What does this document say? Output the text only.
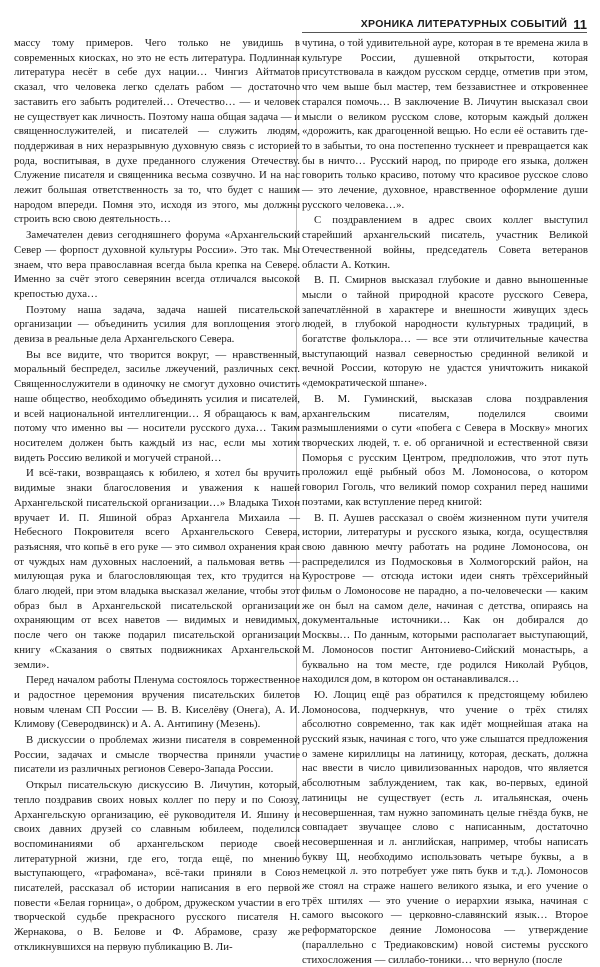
ХРОНИКА ЛИТЕРАТУРНЫХ СОБЫТИЙ 11

массу тому примеров. Чего только не увидишь в современных киосках, но это не есть литература. Подлинная литература несёт в себе дух нации… Чингиз Айтматов сказал, что человека легко сделать рабом — достаточно заставить его забыть родителей… Отечество… — и человек не существует как личность. Поэтому наша общая задача — и священнослужителей, и писателей — служить людям, поддерживая в них неразрывную духовную связь с историей рода, воспитывая, в духе преданного служения Отечеству. Служение писателя и священника весьма созвучно. И на нас лежит большая ответственность за то, что будет с нашим народом впереди. Помня это, исходя из этого, мы должны строить всю свою деятельность…

Замечателен девиз сегодняшнего форума «Архангельский Север — форпост духовной культуры России». Это так. Мы знаем, что вера православная всегда была крепка на Севере. Именно за счёт этого северянин всегда отличался высокой крепостью духа…

Поэтому наша задача, задача нашей писательской организации — объединить усилия для воплощения этого девиза в реальные дела Архангельского Севера.

Вы все видите, что творится вокруг, — нравственный, моральный беспредел, засилье лжеучений, различных сект. Священнослужители в одиночку не смогут духовно очистить наше общество, необходимо объединять усилия и писателей, и всей национальной интеллигенции… Я обращаюсь к вам, потому что именно вы — носители русского духа… Таким носителем должен быть каждый из нас, если мы хотим видеть Россию великой и могучей страной…

И всё-таки, возвращаясь к юбилею, я хотел бы вручить видимые знаки благословения и уважения к нашей Архангельской писательской организации…» Владыка Тихон вручает И. П. Яшиной образ Архангела Михаила — Небесного Покровителя всего Архангельского Севера, разъясняя, что копьё в его руке — это символ охранения края от чуждых нам духовных наслоений, а пальмовая ветвь — милующая рука и благословляющая тех, кто трудится на благо людей, при этом владыка высказал желание, чтобы этот образ был в Архангельской писательской организации охраняющим от всех наветов — видимых и невидимых, после чего он также подарил писательской организации книгу «Сказания о святых подвижниках Архангельской земли».

Перед началом работы Пленума состоялось торжественное и радостное церемония вручения писательских билетов новым членам СП России — В. В. Киселёву (Онега), А. И. Климову (Северодвинск) и А. А. Антипину (Мезень).

В дискуссии о проблемах жизни писателя в современной России, задачах и смысле творчества приняли участие писатели из различных регионов Северо-Запада России.

Открыл писательскую дискуссию В. Личутин, который, тепло поздравив своих новых коллег по перу и по Союзу, Архангельскую организацию, её руководителя И. Яшину и своих давних друзей со славным юбилеем, поделился воспоминаниями об архангельском периоде своей литературной жизни, где его, тогда ещё, по мнению выступающего, «графомана», всё-таки приняли в Союз писателей, рассказал об истории написания в его первой повести «Белая горница», о добром, дружеском участии в его творческой судьбе прекрасного русского писателя Н. Жернакова, о В. Белове и Ф. Абрамове, сразу же откликнувшихся на первую публикацию В. Ли-

чутина, о той удивительной ауре, которая в те времена жила в культуре России, душевной открытости, которая присутствовала в каждом русском сердце, отметив при этом, что чем выше был мастер, тем беззавистнее и откровеннее старался помочь… В заключение В. Личутин высказал свои мысли о великом русском слове, которым каждый должен «дорожить, как драгоценной вещью. Но если её оставить где-то в забытьи, то она постепенно тускнеет и превращается как бы в ничто… Русский народ, по природе его языка, должен говорить только красиво, потому что красивое русское слово — это лечение, духовное, нравственное оформление души русского человека…».

С поздравлением в адрес своих коллег выступил старейший архангельский писатель, участник Великой Отечественной войны, председатель Совета ветеранов области А. Коткин.

В. П. Смирнов высказал глубокие и давно выношенные мысли о тайной природной красоте русского Севера, запечатлённой в характере и внешности живущих здесь людей, в глубокой народности культурных традиций, в богатстве фольклора… — все эти отличительные качества выступающий назвал северностью срединной великой и вечной России, которую не удастся уничтожить никакой «демократической шпане».

В. М. Гуминский, высказав слова поздравления архангельским писателям, поделился своими размышлениями о сути «побега с Севера в Москву» многих творческих людей, т. е. об органичной и естественной связи Поморья с русским Центром, предположив, что этот путь проложил ещё рыбный обоз М. Ломоносова, о котором говорил Гоголь, что великий помор сохранил перед нашими поэтами, как вступление перед книгой:

В. П. Аушев рассказал о своём жизненном пути учителя истории, литературы и русского языка, когда, осуществляя свою давнюю мечту работать на родине Ломоносова, он распределился из Подмосковья в Холмогорский район, на Курострове — отсюда истоки идеи снять трёхсерийный фильм о Ломоносове не парадно, а по-человечески — каким же он был на самом деле, начиная с детства, опираясь на документальные источники… Как он добирался до Москвы… По данным, которыми располагает выступающий, М. Ломоносов постиг Антониево-Сийский монастырь, а буквально на том месте, где родился Николай Рубцов, находился дом, в котором он останавливался…

Ю. Лощиц ещё раз обратился к предстоящему юбилею Ломоносова, подчеркнув, что учение о трёх стилях абсолютно современно, так как идёт мощнейшая атака на русский язык, начиная с того, что уже слышатся предложения о замене кириллицы на латиницу, которая, дескать, должна нас ввести в число цивилизованных народов, что является абсолютным заблуждением, так как, во-первых, единой латиницы не существует (есть л. итальянская, очень несовершенная, там нужно запоминать целые гнёзда букв, не совпадает звучащее слово с написанным, достаточно несовершенная и л. английская, например, чтобы написать букву Щ, необходимо использовать четыре буквы, а в немецкой л. это потребует уже пять букв и т.д.). Ломоносов же стоял на страже нашего великого языка, и его учение о трёх штилях — это учение о иерархии языка, начиная с самого высокого — церковно-славянский язык… Второе реформаторское деяние Ломоносова — утверждение (параллельно с Тредиаковским) новой системы русского стихосложения — силлабо-тоники… что вернуло (после
